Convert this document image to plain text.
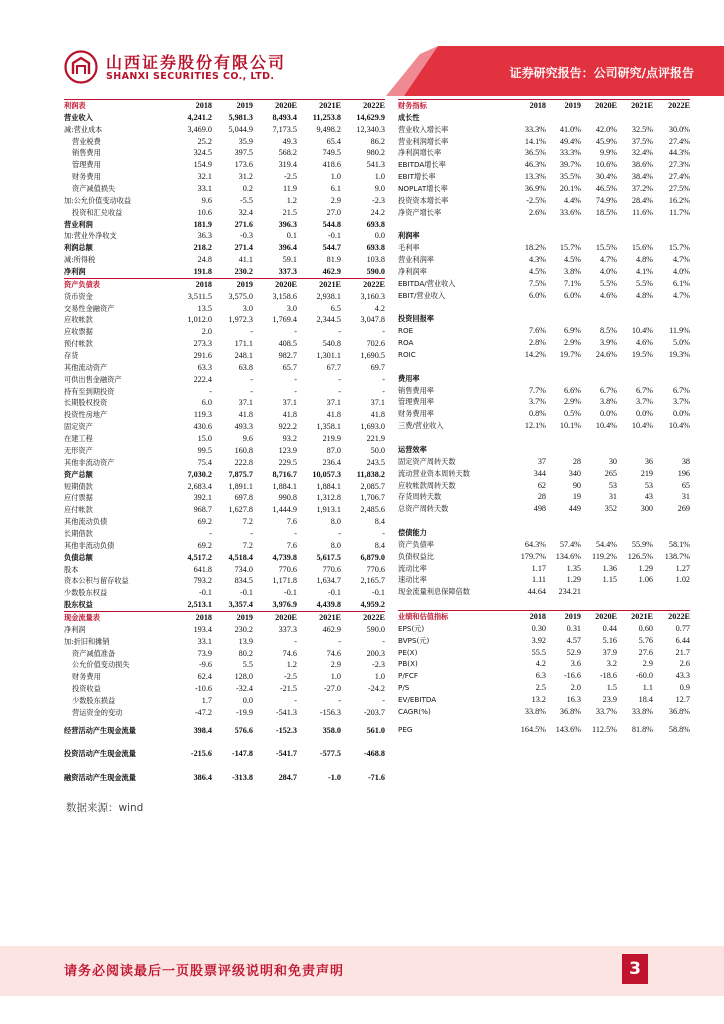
山西证券股份有限公司
SHANXI SECURITIES CO., LTD.	证券研究报告：公司研究/点评报告
利润表	2018	2019	2020E	2021E	2022E
营业收入	4,241.2	5,981.3	8,493.4	11,253.8	14,629.9
减:营业成本	3,469.0	5,044.9	7,173.5	9,498.2	12,340.3
营业税费	25.2	35.9	49.3	65.4	86.2
销售费用	324.5	397.5	568.2	749.5	980.2
管理费用	154.9	173.6	319.4	418.6	541.3
财务费用	32.1	31.2	-2.5	1.0	1.0
资产减值损失	33.1	0.2	11.9	6.1	9.0
加:公允价值变动收益	9.6	-5.5	1.2	2.9	-2.3
投资和汇兑收益	10.6	32.4	21.5	27.0	24.2
营业利润	181.9	271.6	396.3	544.8	693.8
加:营业外净收支	36.3	-0.3	0.1	-0.1	0.0
利润总额	218.2	271.4	396.4	544.7	693.8
减:所得税	24.8	41.1	59.1	81.9	103.8
净利润	191.8	230.2	337.3	462.9	590.0
资产负债表	2018	2019	2020E	2021E	2022E
货币资金	3,511.5	3,575.0	3,158.6	2,938.1	3,160.3
交易性金融资产	13.5	3.0	3.0	6.5	4.2
应收帐款	1,012.0	1,972.3	1,769.4	2,344.5	3,047.8
应收票据	2.0	-	-	-	-
预付帐款	273.3	171.1	408.5	540.8	702.6
存货	291.6	248.1	982.7	1,301.1	1,690.5
其他流动资产	63.3	63.8	65.7	67.7	69.7
可供出售金融资产	222.4	-	-	-	-
持有至到期投资	-	-	-	-	-
长期股权投资	6.0	37.1	37.1	37.1	37.1
投资性房地产	119.3	41.8	41.8	41.8	41.8
固定资产	430.6	493.3	922.2	1,358.1	1,693.0
在建工程	15.0	9.6	93.2	219.9	221.9
无形资产	99.5	160.8	123.9	87.0	50.0
其他非流动资产	75.4	222.8	229.5	236.4	243.5
资产总额	7,030.2	7,875.7	8,716.7	10,057.3	11,838.2
短期债款	2,683.4	1,891.1	1,884.1	1,884.1	2,085.7
应付票据	392.1	697.8	990.8	1,312.8	1,706.7
应付帐款	968.7	1,627.8	1,444.9	1,913.1	2,485.6
其他流动负债	69.2	7.2	7.6	8.0	8.4
长期借款	-	-	-	-	-
其他非流动负债	69.2	7.2	7.6	8.0	8.4
负债总额	4,517.2	4,518.4	4,739.8	5,617.5	6,879.0
股本	641.8	734.0	770.6	770.6	770.6
资本公积与留存收益	793.2	834.5	1,171.8	1,634.7	2,165.7
少数股东权益	-0.1	-0.1	-0.1	-0.1	-0.1
股东权益	2,513.1	3,357.4	3,976.9	4,439.8	4,959.2
现金流量表	2018	2019	2020E	2021E	2022E
净利润	193.4	230.2	337.3	462.9	590.0
加:折旧和摊销	33.1	13.9	-	-	-
资产减值准备	73.9	80.2	74.6	74.6	200.3
公允价值变动损失	-9.6	5.5	1.2	2.9	-2.3
财务费用	62.4	128.0	-2.5	1.0	1.0
投资收益	-10.6	-32.4	-21.5	-27.0	-24.2
少数股东损益	1.7	0.0	-	-	-
营运资金的变动	-47.2	-19.9	-541.3	-156.3	-203.7
经营活动产生现金流量	398.4	576.6	-152.3	358.0	561.0
投资活动产生现金流量	-215.6	-147.8	-541.7	-577.5	-468.8
融资活动产生现金流量	386.4	-313.8	284.7	-1.0	-71.6
财务指标	2018	2019	2020E	2021E	2022E
成长性					
营业收入增长率	33.3%	41.0%	42.0%	32.5%	30.0%
营业利润增长率	14.1%	49.4%	45.9%	37.5%	27.4%
净利润增长率	36.5%	33.3%	9.9%	32.4%	44.3%
EBITDA增长率	46.3%	39.7%	10.6%	38.6%	27.3%
EBIT增长率	13.3%	35.5%	30.4%	38.4%	27.4%
NOPLAT增长率	36.9%	20.1%	46.5%	37.2%	27.5%
投资资本增长率	-2.5%	4.4%	74.9%	28.4%	16.2%
净资产增长率	2.6%	33.6%	18.5%	11.6%	11.7%

利润率					
毛利率	18.2%	15.7%	15.5%	15.6%	15.7%
营业利润率	4.3%	4.5%	4.7%	4.8%	4.7%
净利润率	4.5%	3.8%	4.0%	4.1%	4.0%
EBITDA/营业收入	7.5%	7.1%	5.5%	5.5%	6.1%
EBIT/营业收入	6.0%	6.0%	4.6%	4.8%	4.7%

投资回报率					
ROE	7.6%	6.9%	8.5%	10.4%	11.9%
ROA	2.8%	2.9%	3.9%	4.6%	5.0%
ROIC	14.2%	19.7%	24.6%	19.5%	19.3%

费用率					
销售费用率	7.7%	6.6%	6.7%	6.7%	6.7%
管理费用率	3.7%	2.9%	3.8%	3.7%	3.7%
财务费用率	0.8%	0.5%	0.0%	0.0%	0.0%
三费/营业收入	12.1%	10.1%	10.4%	10.4%	10.4%

运营效率					
固定资产周转天数	37	28	30	36	38
流动营业资本周转天数	344	340	265	219	196
应收帐款周转天数	62	90	53	53	65
存货周转天数	28	19	31	43	31
总资产周转天数	498	449	352	300	269

偿债能力					
资产负债率	64.3%	57.4%	54.4%	55.9%	58.1%
负债权益比	179.7%	134.6%	119.2%	126.5%	138.7%
流动比率	1.17	1.35	1.36	1.29	1.27
速动比率	1.11	1.29	1.15	1.06	1.02
现金流量利息保障倍数	44.64	234.21			

业绩和估值指标	2018	2019	2020E	2021E	2022E
EPS(元)	0.30	0.31	0.44	0.60	0.77
BVPS(元)	3.92	4.57	5.16	5.76	6.44
PE(X)	55.5	52.9	37.9	27.6	21.7
PB(X)	4.2	3.6	3.2	2.9	2.6
P/FCF	6.3	-16.6	-18.6	-60.0	43.3
P/S	2.5	2.0	1.5	1.1	0.9
EV/EBITDA	13.2	16.3	23.9	18.4	12.7
CAGR(%)	33.8%	36.8%	33.7%	33.8%	36.8%
PEG	164.5%	143.6%	112.5%	81.8%	58.8%
数据来源：wind
请务必阅读最后一页股票评级说明和免责声明	3
